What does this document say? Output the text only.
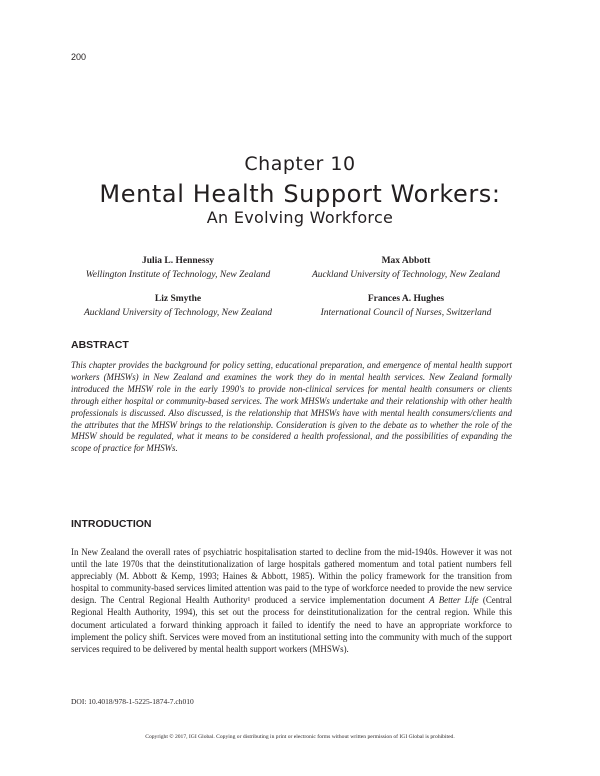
200
Chapter 10
Mental Health Support Workers:
An Evolving Workforce
Julia L. Hennessy
Wellington Institute of Technology, New Zealand
Max Abbott
Auckland University of Technology, New Zealand
Liz Smythe
Auckland University of Technology, New Zealand
Frances A. Hughes
International Council of Nurses, Switzerland
ABSTRACT

This chapter provides the background for policy setting, educational preparation, and emergence of mental health support workers (MHSWs) in New Zealand and examines the work they do in mental health services. New Zealand formally introduced the MHSW role in the early 1990's to provide non-clinical services for mental health consumers or clients through either hospital or community-based services. The work MHSWs undertake and their relationship with other health professionals is discussed. Also discussed, is the relationship that MHSWs have with mental health consumers/clients and the attributes that the MHSW brings to the relationship. Consideration is given to the debate as to whether the role of the MHSW should be regulated, what it means to be considered a health professional, and the possibilities of expanding the scope of practice for MHSWs.

INTRODUCTION

In New Zealand the overall rates of psychiatric hospitalisation started to decline from the mid-1940s. However it was not until the late 1970s that the deinstitutionalization of large hospitals gathered momentum and total patient numbers fell appreciably (M. Abbott & Kemp, 1993; Haines & Abbott, 1985). Within the policy framework for the transition from hospital to community-based services limited attention was paid to the type of workforce needed to provide the new service design. The Central Regional Health Authority¹ produced a service implementation document A Better Life (Central Regional Health Authority, 1994), this set out the process for deinstitutionalization for the central region. While this document articulated a forward thinking approach it failed to identify the need to have an appropriate workforce to implement the policy shift. Services were moved from an institutional setting into the community with much of the support services required to be delivered by mental health support workers (MHSWs).

DOI: 10.4018/978-1-5225-1874-7.ch010
Copyright © 2017, IGI Global. Copying or distributing in print or electronic forms without written permission of IGI Global is prohibited.
